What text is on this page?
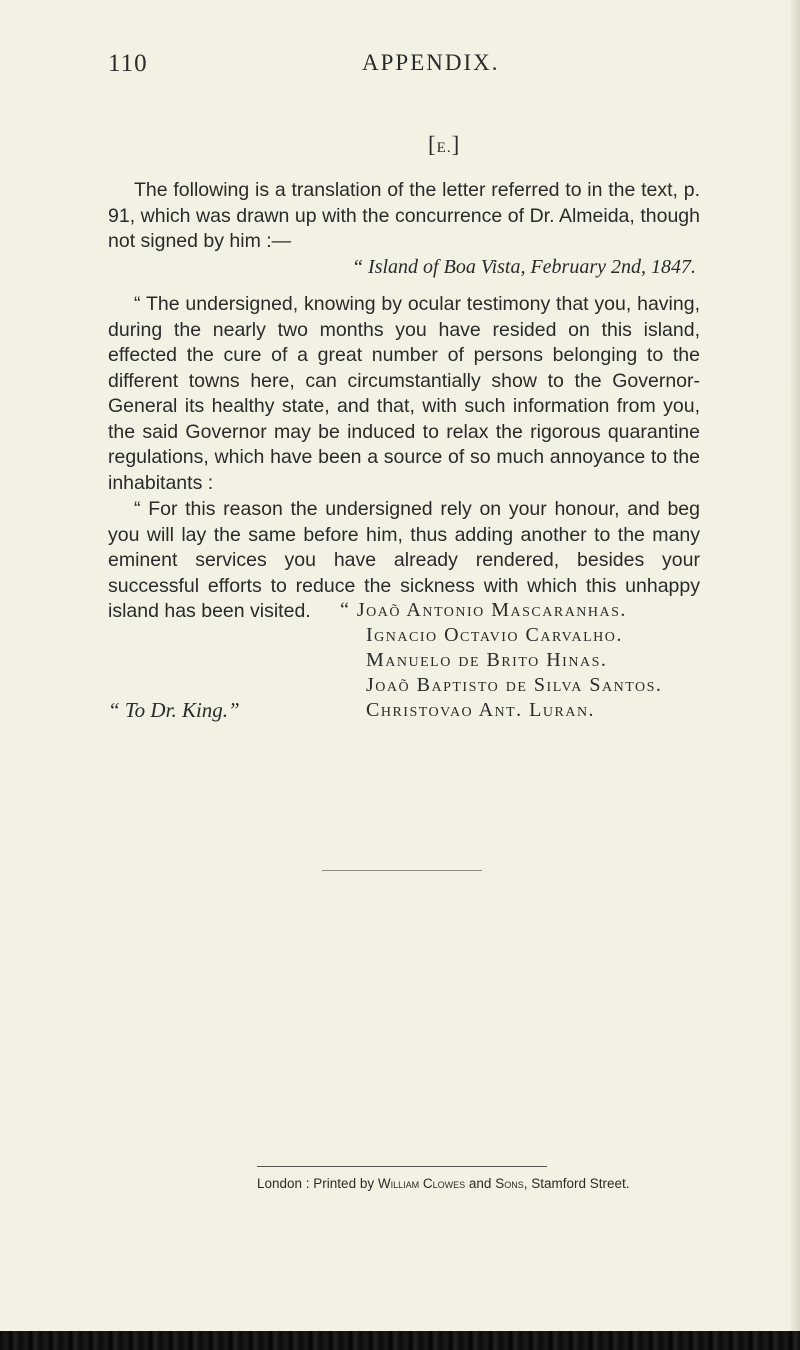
110	APPENDIX.
[E.]

The following is a translation of the letter referred to in the text, p. 91, which was drawn up with the concurrence of Dr. Almeida, though not signed by him :—

“ Island of Boa Vista, February 2nd, 1847.

“ The undersigned, knowing by ocular testimony that you, having, during the nearly two months you have resided on this island, effected the cure of a great number of persons belonging to the different towns here, can circumstantially show to the Governor-General its healthy state, and that, with such information from you, the said Governor may be induced to relax the rigorous quarantine regulations, which have been a source of so much annoyance to the inhabitants :

“ For this reason the undersigned rely on your honour, and beg you will lay the same before him, thus adding another to the many eminent services you have already rendered, besides your successful efforts to reduce the sickness with which this unhappy island has been visited.	“ Joaõ Antonio Mascaranhas.
Ignacio Octavio Carvalho.
Manuelo de Brito Hinas.
Joaõ Baptisto de Silva Santos.
Christovao Ant. Luran.
“ To Dr. King.”
London : Printed by William Clowes and Sons, Stamford Street.
